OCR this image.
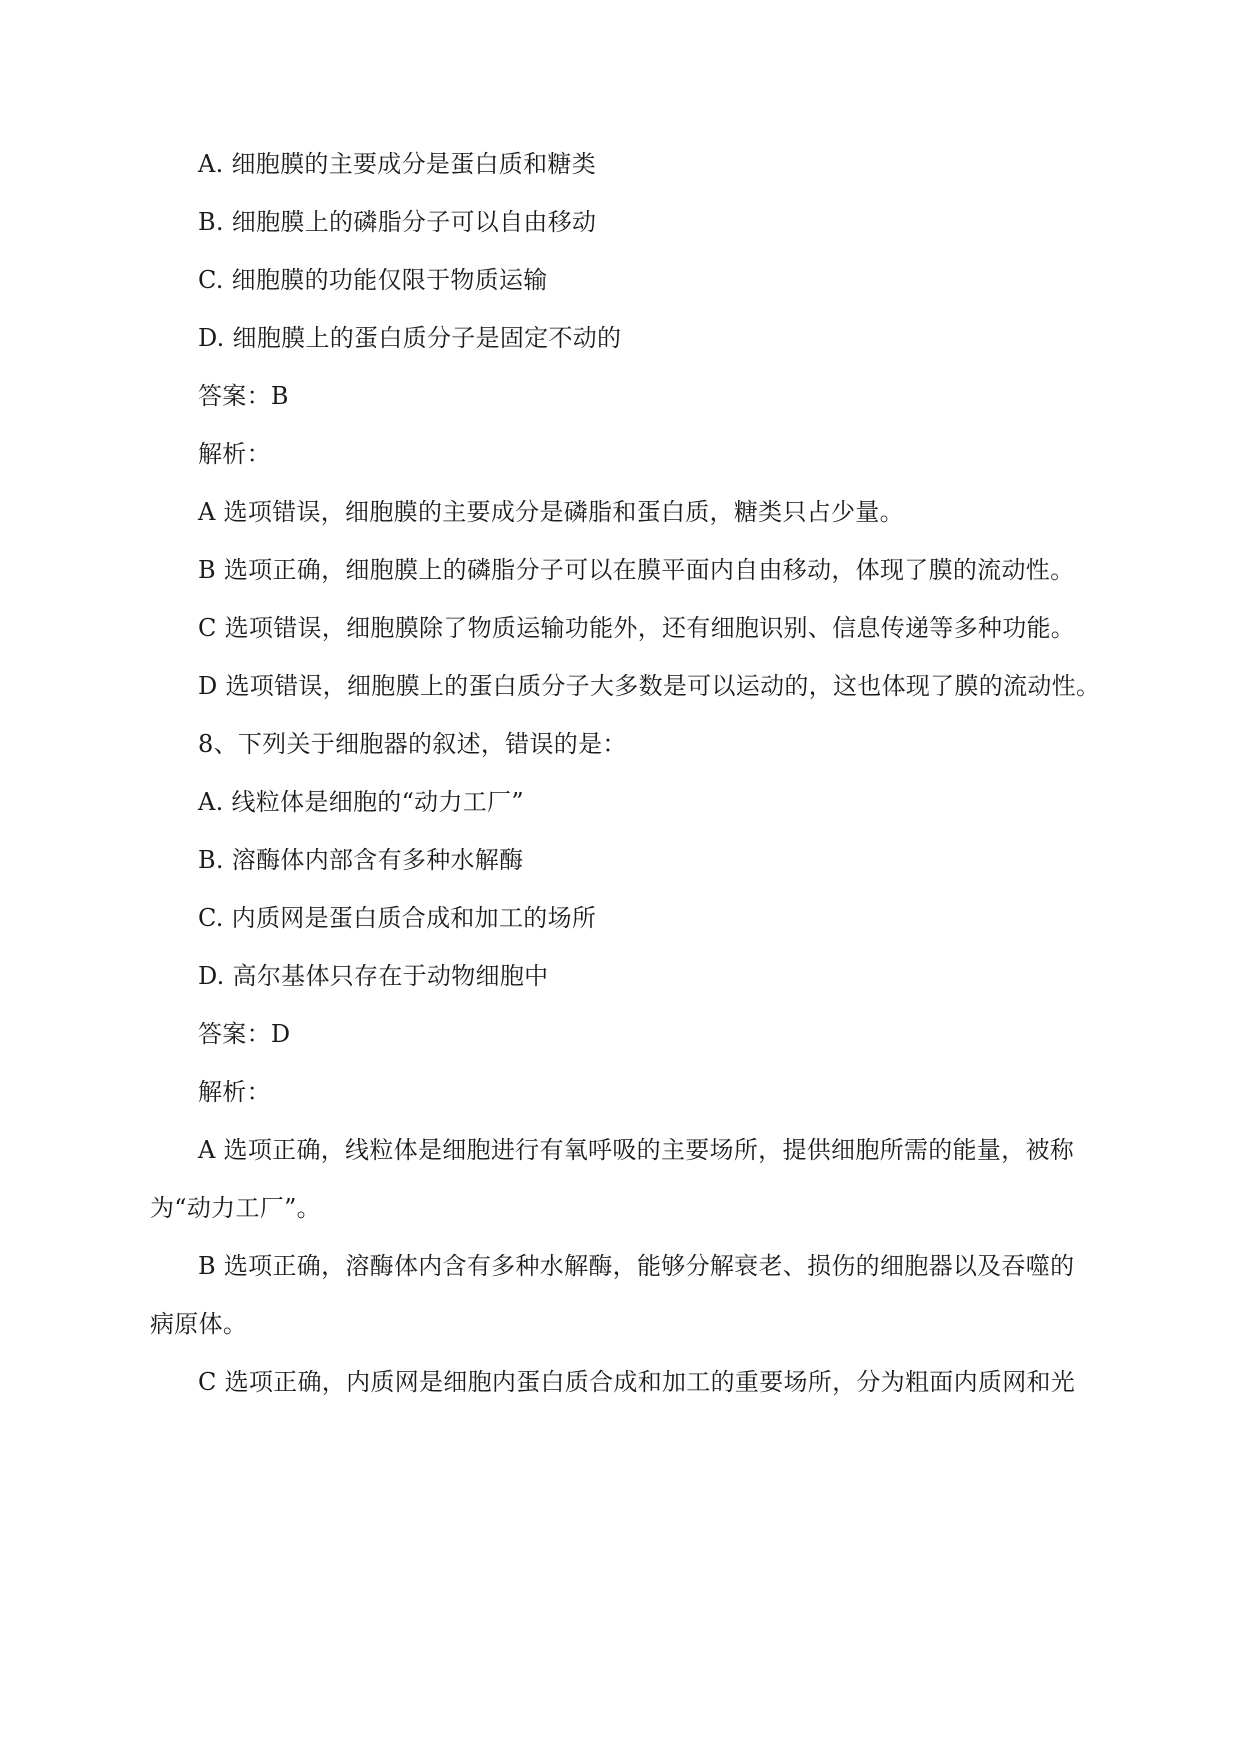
A. 细胞膜的主要成分是蛋白质和糖类
B. 细胞膜上的磷脂分子可以自由移动
C. 细胞膜的功能仅限于物质运输
D. 细胞膜上的蛋白质分子是固定不动的
答案：B
解析：
A 选项错误，细胞膜的主要成分是磷脂和蛋白质，糖类只占少量。
B 选项正确，细胞膜上的磷脂分子可以在膜平面内自由移动，体现了膜的流动性。
C 选项错误，细胞膜除了物质运输功能外，还有细胞识别、信息传递等多种功能。
D 选项错误，细胞膜上的蛋白质分子大多数是可以运动的，这也体现了膜的流动性。
8、下列关于细胞器的叙述，错误的是：
A. 线粒体是细胞的“动力工厂”
B. 溶酶体内部含有多种水解酶
C. 内质网是蛋白质合成和加工的场所
D. 高尔基体只存在于动物细胞中
答案：D
解析：
A 选项正确，线粒体是细胞进行有氧呼吸的主要场所，提供细胞所需的能量，被称
为“动力工厂”。
B 选项正确，溶酶体内含有多种水解酶，能够分解衰老、损伤的细胞器以及吞噬的
病原体。
C 选项正确，内质网是细胞内蛋白质合成和加工的重要场所，分为粗面内质网和光
